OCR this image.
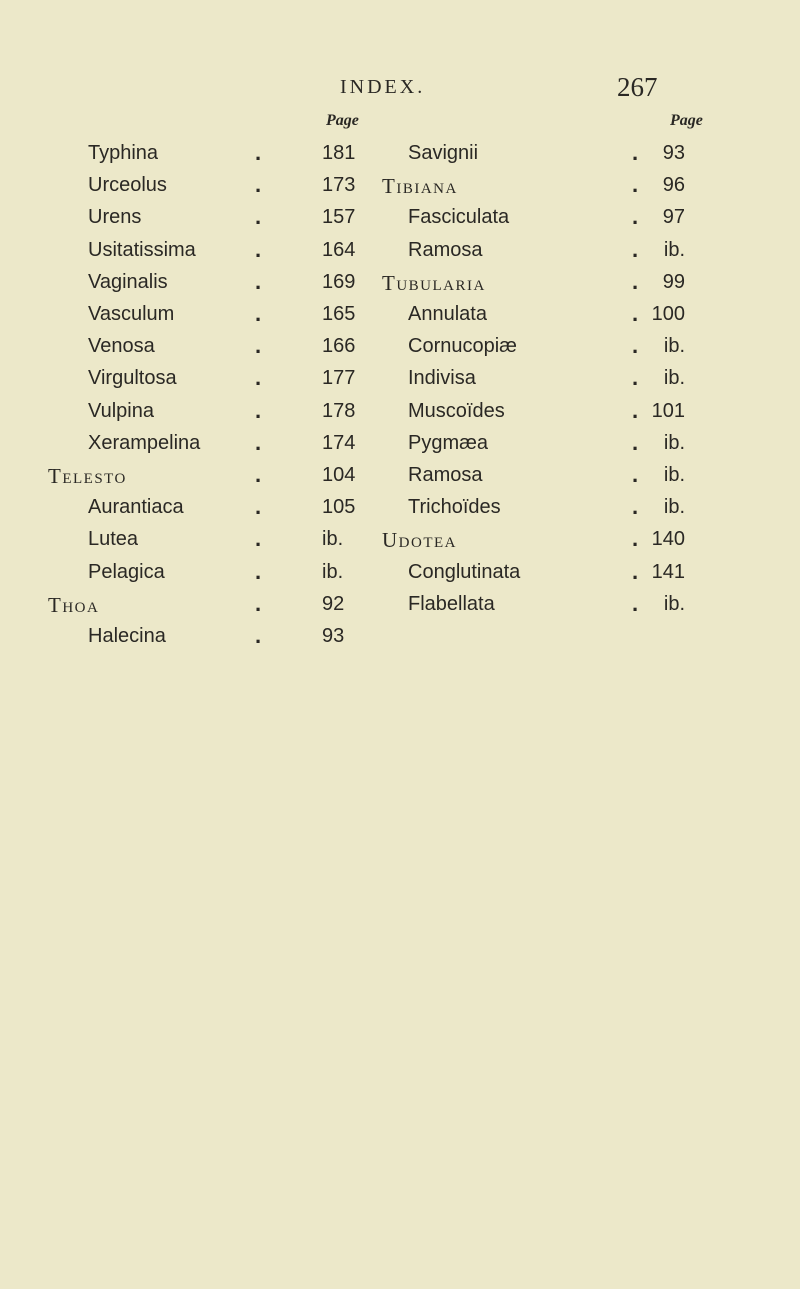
INDEX.	267
Page
Typhina	.	181
Urceolus	.	173
Urens	.	157
Usitatissima	.	164
Vaginalis	.	169
Vasculum	.	165
Venosa	.	166
Virgultosa	.	177
Vulpina	.	178
Xerampelina .	174
Telesto	.	104
Aurantiaca	.	105
Lutea	.	ib.
Pelagica	.	ib.
Thoa	.	92
Halecina	.	93
Page
Savignii	.	93
Tibiana	.	96
Fasciculata	.	97
Ramosa	.	ib.
Tubularia	.	99
Annulata	. 100
Cornucopiæ	.	ib.
Indivisa	.	ib.
Muscoïdes	. 101
Pygmæa	.	ib.
Ramosa	.	ib.
Trichoïdes	.	ib.
Udotea	. 140
Conglutinata	. 141
Flabellata	.	ib.
